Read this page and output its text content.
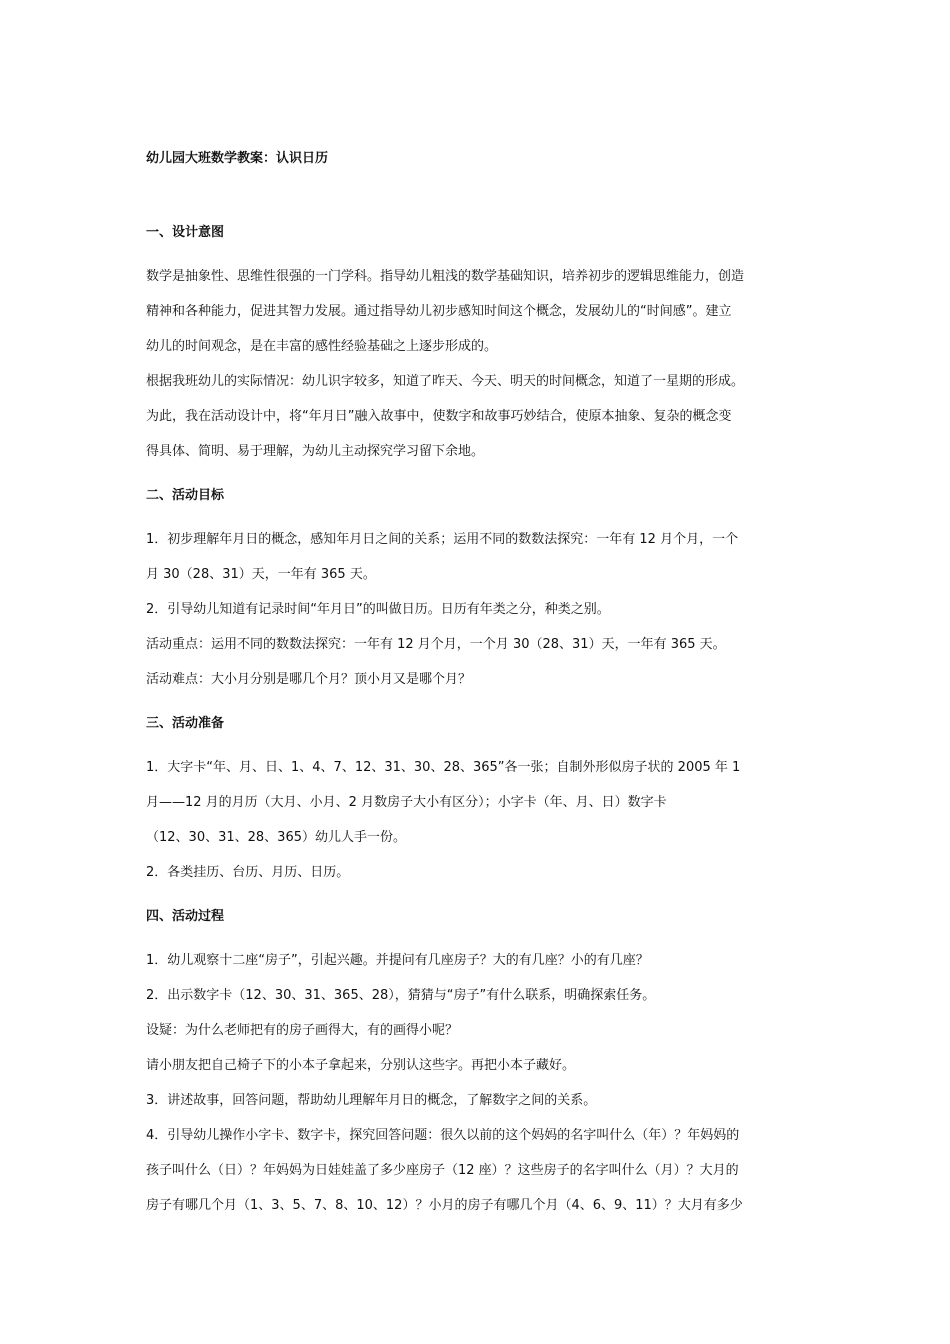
幼儿园大班数学教案：认识日历
一、设计意图

数学是抽象性、思维性很强的一门学科。指导幼儿粗浅的数学基础知识，培养初步的逻辑思维能力，创造
精神和各种能力，促进其智力发展。通过指导幼儿初步感知时间这个概念，发展幼儿的“时间感”。建立
幼儿的时间观念，是在丰富的感性经验基础之上逐步形成的。

根据我班幼儿的实际情况：幼儿识字较多，知道了昨天、今天、明天的时间概念，知道了一星期的形成。
为此，我在活动设计中，将“年月日”融入故事中，使数字和故事巧妙结合，使原本抽象、复杂的概念变
得具体、简明、易于理解，为幼儿主动探究学习留下余地。

二、活动目标

1．初步理解年月日的概念，感知年月日之间的关系；运用不同的数数法探究：一年有 12 月个月，一个
月 30（28、31）天，一年有 365 天。

2．引导幼儿知道有记录时间“年月日”的叫做日历。日历有年类之分，种类之别。

活动重点：运用不同的数数法探究：一年有 12 月个月，一个月 30（28、31）天，一年有 365 天。

活动难点：大小月分别是哪几个月？顶小月又是哪个月？

三、活动准备

1．大字卡“年、月、日、1、4、7、12、31、30、28、365”各一张；自制外形似房子状的 2005 年 1
月——12 月的月历（大月、小月、2 月数房子大小有区分）；小字卡（年、月、日）数字卡
（12、30、31、28、365）幼儿人手一份。

2．各类挂历、台历、月历、日历。

四、活动过程

1．幼儿观察十二座“房子”，引起兴趣。并提问有几座房子？大的有几座？小的有几座？

2．出示数字卡（12、30、31、365、28），猜猜与“房子”有什么联系，明确探索任务。

设疑：为什么老师把有的房子画得大，有的画得小呢？

请小朋友把自己椅子下的小本子拿起来，分别认这些字。再把小本子藏好。

3．讲述故事，回答问题，帮助幼儿理解年月日的概念，了解数字之间的关系。

4．引导幼儿操作小字卡、数字卡，探究回答问题：很久以前的这个妈妈的名字叫什么（年）？年妈妈的
孩子叫什么（日）？年妈妈为日娃娃盖了多少座房子（12 座）？这些房子的名字叫什么（月）？大月的
房子有哪几个月（1、3、5、7、8、10、12）？小月的房子有哪几个月（4、6、9、11）？大月有多少
